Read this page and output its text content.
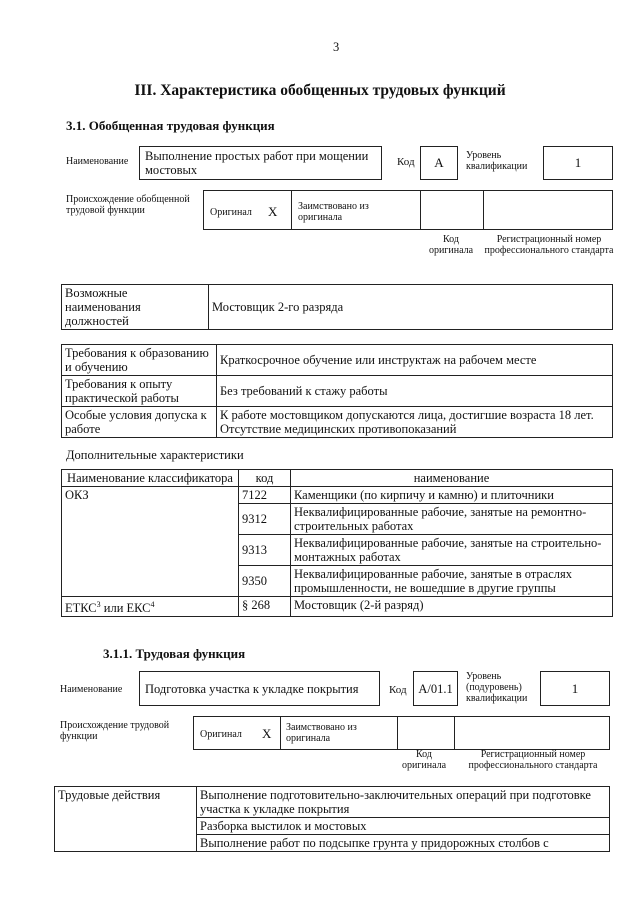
3
III. Характеристика обобщенных трудовых функций
3.1. Обобщенная трудовая функция
Наименование	Выполнение простых работ при мощении мостовых
Код	А	Уровень квалификации	1
Происхождение обобщенной трудовой функции	Оригинал Х Заимствовано из оригинала
Код оригинала
Регистрационный номер профессионального стандарта
Возможные наименования должностей	Мостовщик 2-го разряда
Требования к образованию и обучению	Краткосрочное обучение или инструктаж на рабочем месте
Требования к опыту практической работы	Без требований к стажу работы
Особые условия допуска к работе	К работе мостовщиком допускаются лица, достигшие возраста 18 лет. Отсутствие медицинских противопоказаний
Дополнительные характеристики
Наименование классификатора	код	наименование
ОКЗ	7122	Каменщики (по кирпичу и камню) и плиточники
	9312	Неквалифицированные рабочие, занятые на ремонтно-строительных работах
	9313	Неквалифицированные рабочие, занятые на строительно-монтажных работах
	9350	Неквалифицированные рабочие, занятые в отраслях промышленности, не вошедшие в другие группы
ЕТКС$^3$ или ЕКС$^4$	§ 268	Мостовщик (2-й разряд)
3.1.1. Трудовая функция
Наименование	Подготовка участка к укладке покрытия	Код А/01.1
Уровень (подуровень) квалификации
1
Происхождение трудовой функции	Оригинал Х Заимствовано из оригинала
Код оригинала
Регистрационный номер профессионального стандарта
Трудовые действия	Выполнение подготовительно-заключительных операций при подготовке участка к укладке покрытия
Разборка выстилок и мостовых
Выполнение работ по подсыпке грунта у придорожных столбов с
